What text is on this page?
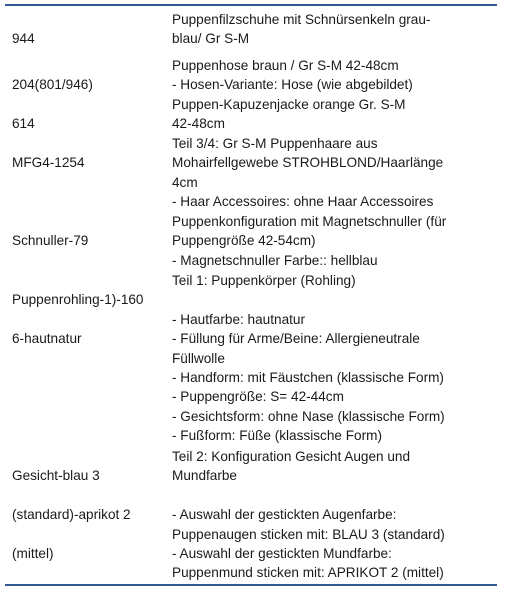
944

Puppenfilzschuhe mit Schnürsenkeln grau-
blau/ Gr S-M

204(801/946)

Puppenhose braun / Gr S-M 42-48cm
- Hosen-Variante: Hose (wie abgebildet)

614

Puppen-Kapuzenjacke orange Gr. S-M
42-48cm

MFG4-1254

Teil 3/4: Gr S-M Puppenhaare aus
Mohairfellgewebe STROHBLOND/Haarlänge
4cm
- Haar Accessoires: ohne Haar Accessoires

Schnuller-79

Puppenkonfiguration mit Magnetschnuller (für
Puppengröße 42-54cm)
- Magnetschnuller Farbe:: hellblau

Puppenrohling-1)-160

6-hautnatur

Teil 1: Puppenkörper (Rohling)
- Hautfarbe: hautnatur
- Füllung für Arme/Beine: Allergieneutrale
Füllwolle
- Handform: mit Fäustchen (klassische Form)
- Puppengröße: S= 42-44cm
- Gesichtsform: ohne Nase (klassische Form)
- Fußform: Füße (klassische Form)

Gesicht-blau 3

(standard)-aprikot 2

(mittel)

Teil 2: Konfiguration Gesicht Augen und
Mundfarbe
- Auswahl der gestickten Augenfarbe:
Puppenaugen sticken mit: BLAU 3 (standard)
- Auswahl der gestickten Mundfarbe:
Puppenmund sticken mit: APRIKOT 2 (mittel)
